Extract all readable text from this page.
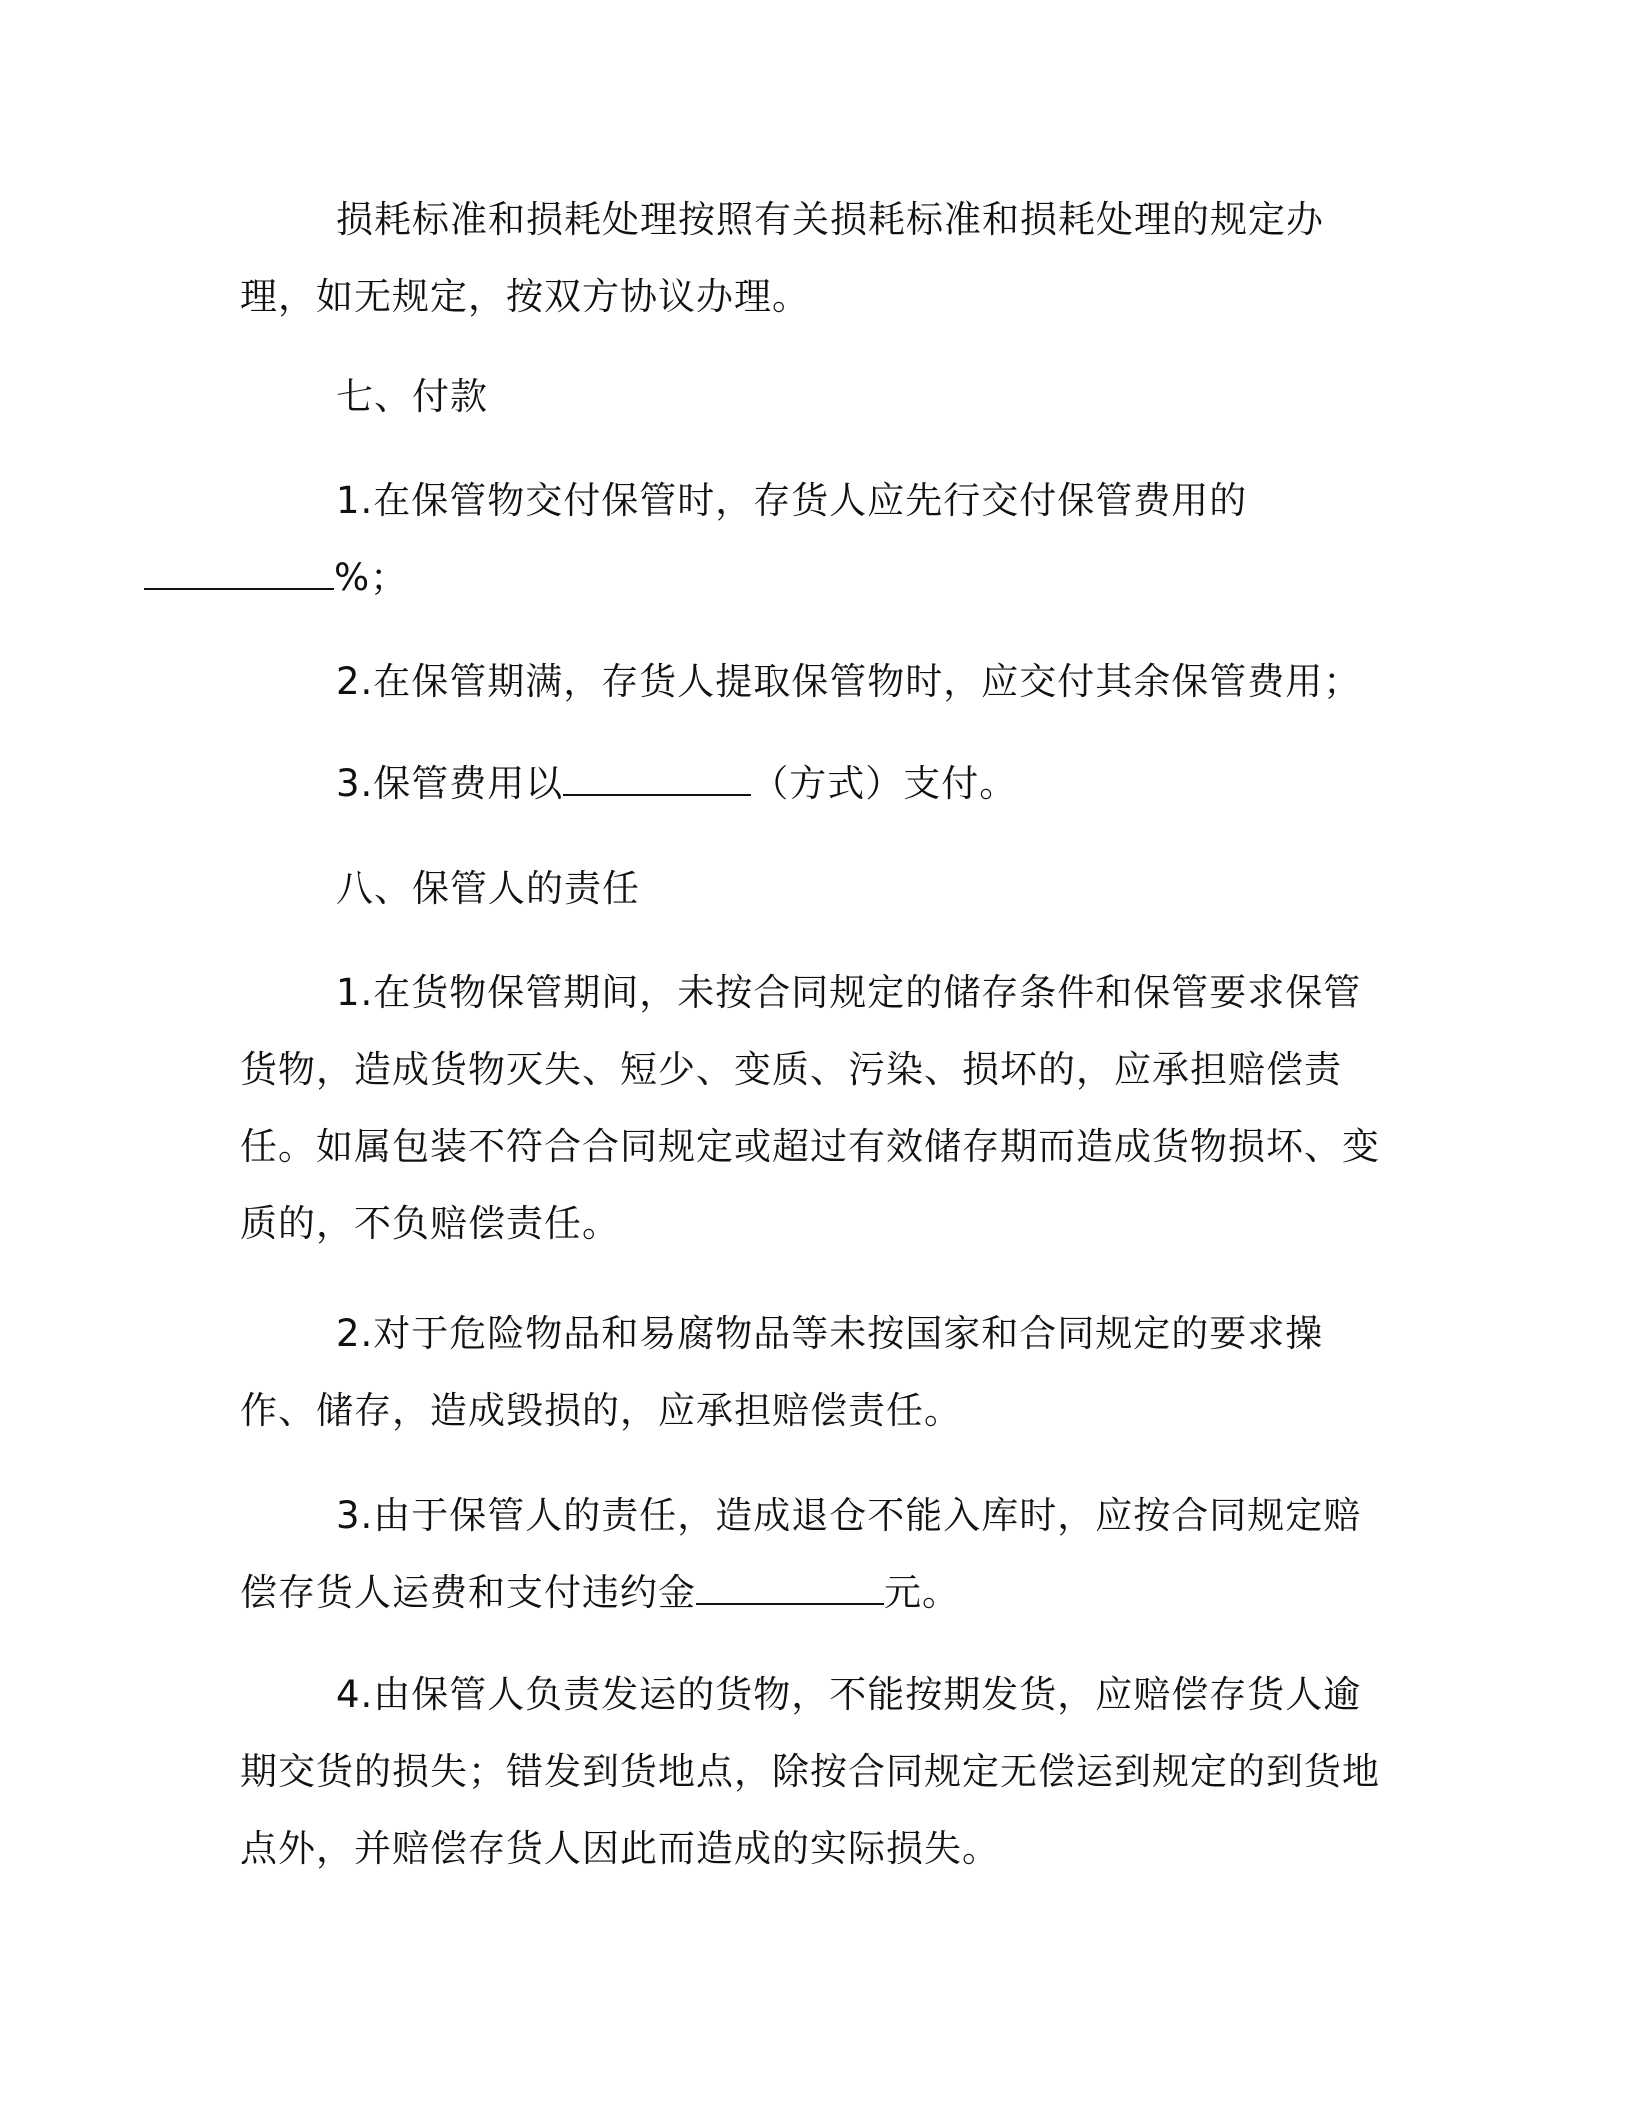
损耗标准和损耗处理按照有关损耗标准和损耗处理的规定办理，如无规定，按双方协议办理。

七、付款

1.在保管物交付保管时，存货人应先行交付保管费用的
%；

2.在保管期满，存货人提取保管物时，应交付其余保管费用；

3.保管费用以	（方式）支付。

八、保管人的责任

1.在货物保管期间，未按合同规定的储存条件和保管要求保管货物，造成货物灭失、短少、变质、污染、损坏的，应承担赔偿责任。如属包装不符合合同规定或超过有效储存期而造成货物损坏、变质的，不负赔偿责任。

2.对于危险物品和易腐物品等未按国家和合同规定的要求操作、储存，造成毁损的，应承担赔偿责任。

3.由于保管人的责任，造成退仓不能入库时，应按合同规定赔偿存货人运费和支付违约金	元。

4.由保管人负责发运的货物，不能按期发货，应赔偿存货人逾期交货的损失；错发到货地点，除按合同规定无偿运到规定的到货地点外，并赔偿存货人因此而造成的实际损失。
